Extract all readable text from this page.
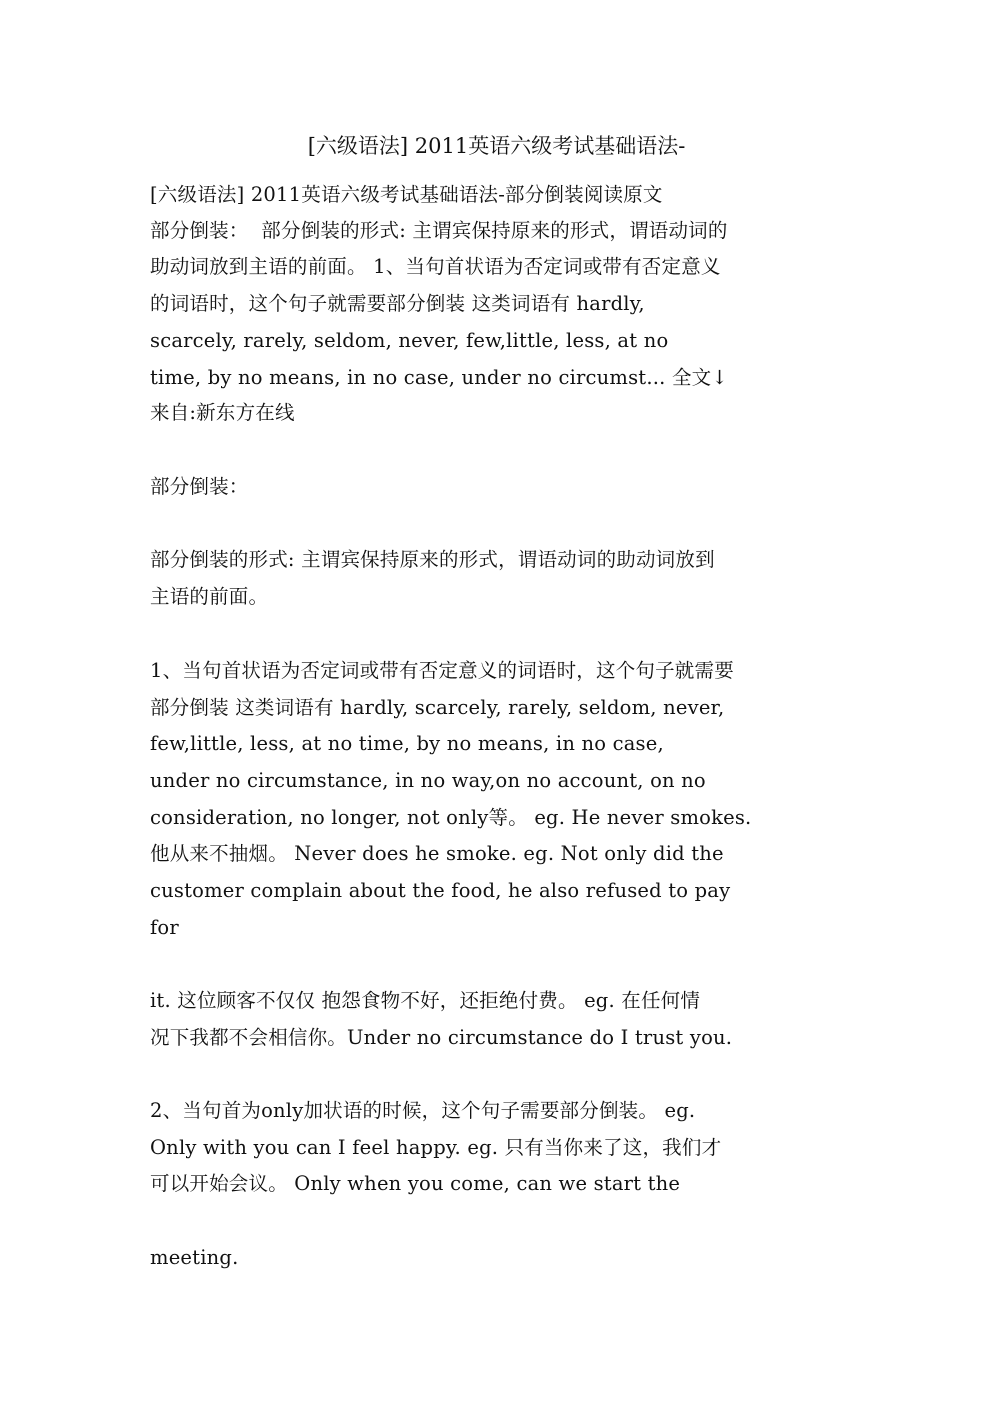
[六级语法] 2011英语六级考试基础语法-
[六级语法] 2011英语六级考试基础语法-部分倒装阅读原文
部分倒装：  部分倒装的形式: 主谓宾保持原来的形式，谓语动词的
助动词放到主语的前面。 1、当句首状语为否定词或带有否定意义
的词语时，这个句子就需要部分倒装 这类词语有 hardly,
scarcely, rarely, seldom, never, few,little, less, at no
time, by no means, in no case, under no circumst... 全文↓
来自:新东方在线
部分倒装：
部分倒装的形式: 主谓宾保持原来的形式，谓语动词的助动词放到
主语的前面。
1、当句首状语为否定词或带有否定意义的词语时，这个句子就需要
部分倒装 这类词语有 hardly, scarcely, rarely, seldom, never,
few,little, less, at no time, by no means, in no case,
under no circumstance, in no way,on no account, on no
consideration, no longer, not only等。 eg. He never smokes.
他从来不抽烟。 Never does he smoke. eg. Not only did the
customer complain about the food, he also refused to pay
for
it. 这位顾客不仅仅 抱怨食物不好，还拒绝付费。 eg. 在任何情
况下我都不会相信你。Under no circumstance do I trust you.
2、当句首为only加状语的时候，这个句子需要部分倒装。 eg.
Only with you can I feel happy. eg. 只有当你来了这，我们才
可以开始会议。 Only when you come, can we start the
meeting.
